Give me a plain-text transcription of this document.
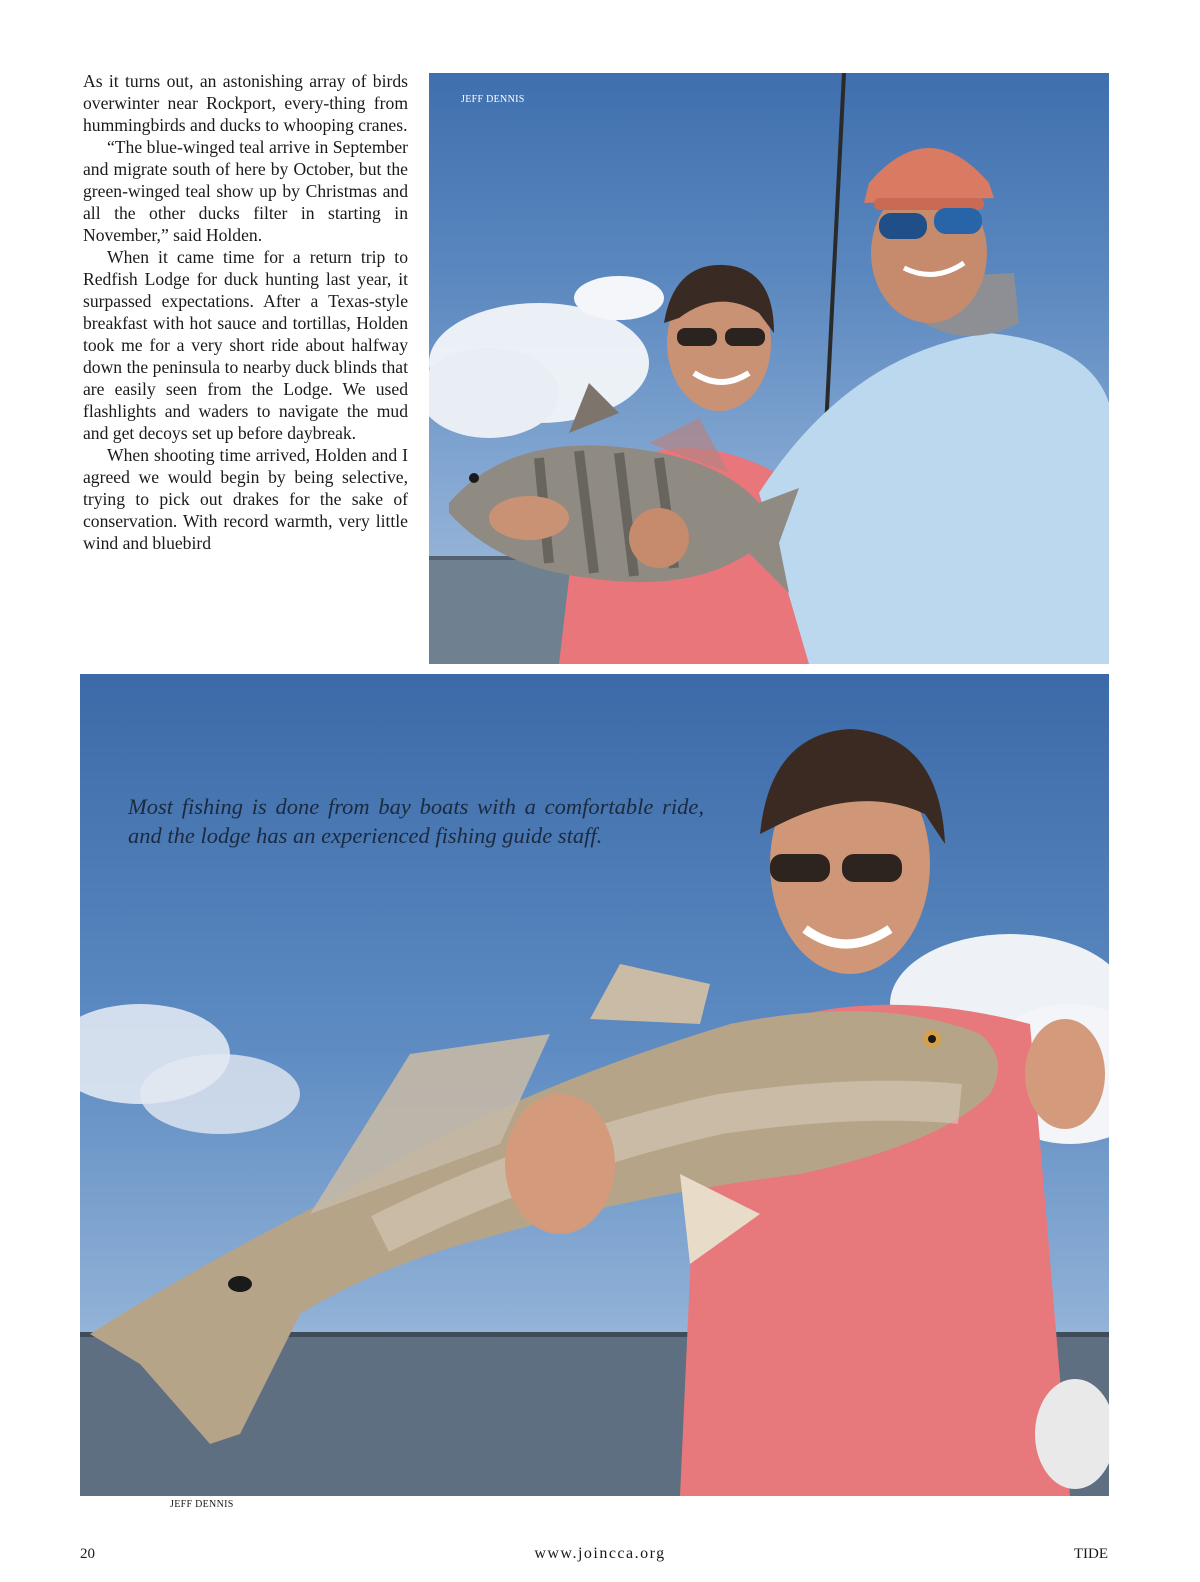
As it turns out, an astonishing array of birds overwinter near Rockport, every-thing from hummingbirds and ducks to whooping cranes.

“The blue-winged teal arrive in September and migrate south of here by October, but the green-winged teal show up by Christmas and all the other ducks filter in starting in November,” said Holden.

When it came time for a return trip to Redfish Lodge for duck hunting last year, it surpassed expectations. After a Texas-style breakfast with hot sauce and tortillas, Holden took me for a very short ride about halfway down the peninsula to nearby duck blinds that are easily seen from the Lodge. We used flashlights and waders to navigate the mud and get decoys set up before daybreak.

When shooting time arrived, Holden and I agreed we would begin by being selective, trying to pick out drakes for the sake of conservation. With record warmth, very little wind and bluebird

JEFF DENNIS
Most fishing is done from bay boats with a comfortable ride, and the lodge has an experienced fishing guide staff.
JEFF DENNIS
20	www.joincca.org	TIDE
